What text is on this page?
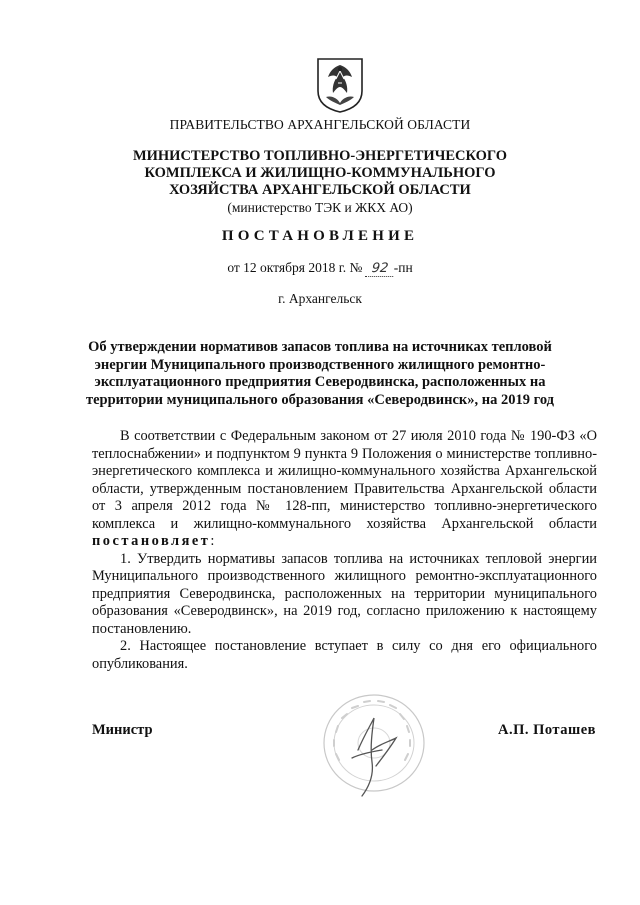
ПРАВИТЕЛЬСТВО АРХАНГЕЛЬСКОЙ ОБЛАСТИ
МИНИСТЕРСТВО ТОПЛИВНО-ЭНЕРГЕТИЧЕСКОГО
КОМПЛЕКСА И ЖИЛИЩНО-КОММУНАЛЬНОГО
ХОЗЯЙСТВА АРХАНГЕЛЬСКОЙ ОБЛАСТИ
(министерство ТЭК и ЖКХ АО)
ПОСТАНОВЛЕНИЕ
от 12 октября 2018 г. № 92 -пн
г. Архангельск
Об утверждении нормативов запасов топлива на источниках тепловой
энергии Муниципального производственного жилищного ремонтно-
эксплуатационного предприятия Северодвинска, расположенных на
территории муниципального образования «Северодвинск», на 2019 год

В соответствии с Федеральным законом от 27 июля 2010 года № 190-ФЗ «О теплоснабжении» и подпунктом 9 пункта 9 Положения о министерстве топливно-энергетического комплекса и жилищно-коммунального хозяйства Архангельской области, утвержденным постановлением Правительства Архангельской области от 3 апреля 2012 года № 128-пп, министерство топливно-энергетического комплекса и жилищно-коммунального хозяйства Архангельской области постановляет:

1. Утвердить нормативы запасов топлива на источниках тепловой энергии Муниципального производственного жилищного ремонтно-эксплуатационного предприятия Северодвинска, расположенных на территории муниципального образования «Северодвинск», на 2019 год, согласно приложению к настоящему постановлению.

2. Настоящее постановление вступает в силу со дня его официального опубликования.

Министр	А.П. Поташев
